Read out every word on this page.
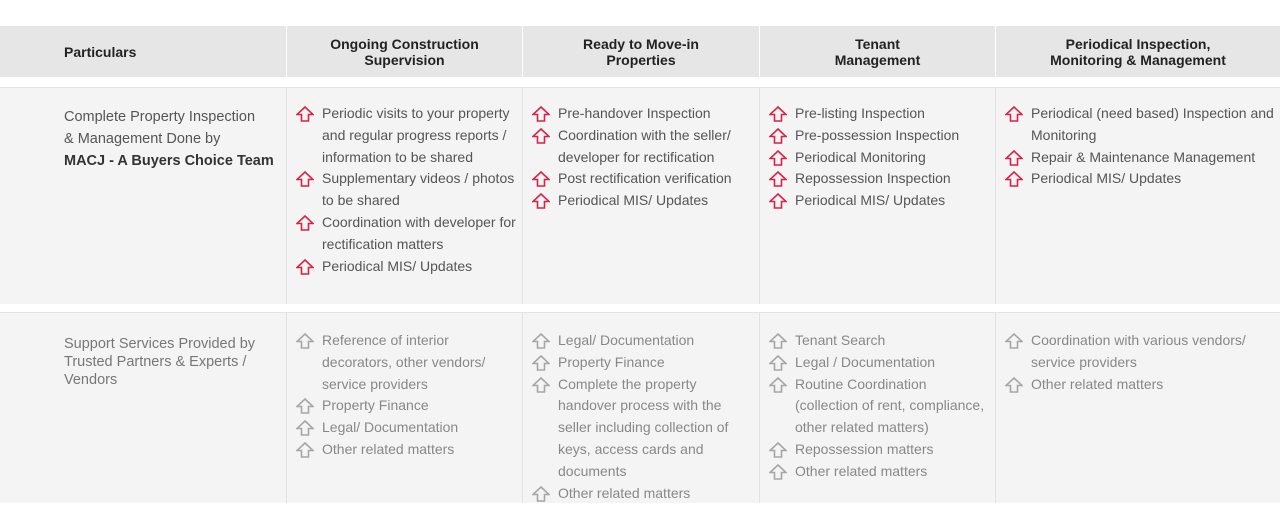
Particulars	Ongoing Construction
Supervision
Ready to Move-in
Properties
Tenant
Management
Periodical Inspection,
Monitoring & Management
Complete Property Inspection
& Management Done by
MACJ - A Buyers Choice Team
Periodic visits to your property and regular progress reports / information to be shared
Supplementary videos / photos to be shared
Coordination with developer for rectification matters
Periodical MIS/ Updates
Pre-handover Inspection
Coordination with the seller/ developer for rectification
Post rectification verification
Periodical MIS/ Updates
Pre-listing Inspection
Pre-possession Inspection
Periodical Monitoring
Repossession Inspection
Periodical MIS/ Updates
Periodical (need based) Inspection and Monitoring
Repair & Maintenance Management
Periodical MIS/ Updates
Support Services Provided by
Trusted Partners & Experts /
Vendors
Reference of interior decorators, other vendors/ service providers
Property Finance
Legal/ Documentation
Other related matters
Legal/ Documentation
Property Finance
Complete the property handover process with the seller including collection of keys, access cards and documents
Other related matters
Tenant Search
Legal / Documentation
Routine Coordination (collection of rent, compliance, other related matters)
Repossession matters
Other related matters
Coordination with various vendors/ service providers
Other related matters
